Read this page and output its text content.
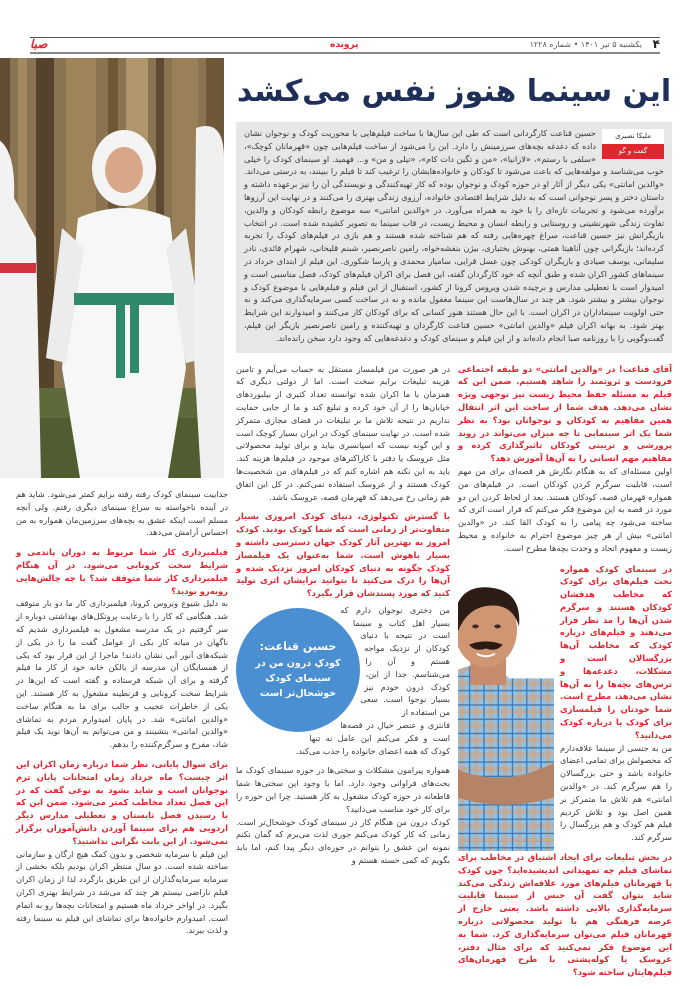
۴
یکشنبه ۵ تیر ۱۴۰۱ • شماره ۱۲۲۸
پرونده
صبا
این سینما هنوز نفس می‌کشد
ملیکا نصیری
گفت و گو
حسین قناعت کارگردانی است که طی این سال‌ها با ساخت فیلم‌هایی با محوریت کودک و نوجوان نشان داده که دغدغه بچه‌های سرزمینش را دارد. این را می‌شود از ساخت فیلم‌هایی چون «قهرمانان کوچک»، «سلفی با رستم»، «لازانیا»، «من و تگین دات کام»، «تیلی و من» و... فهمید. او سینمای کودک را خیلی خوب می‌شناسد و مولفه‌هایی که باعث می‌شود تا کودکان و خانواده‌هایشان را ترغیب کند تا فیلم را ببینند، به درستی می‌داند. «والدین امانتی» یکی دیگر از آثار او در حوزه کودک و نوجوان بوده که کار تهیه‌کنندگی و نویسندگی آن را نیز برعهده داشته و داستان دختر و پسر نوجوانی است که به دلیل شرایط اقتصادی خانواده، آرزوی زندگی بهتری را می‌کنند و در نهایت این آرزوها برآورده می‌شود و تجربیات تازه‌ای را با خود به همراه می‌آورد. در «والدین امانتی» سه موضوع رابطه کودکان و والدین، تفاوت زندگی شهرنشینی و روستایی و رابطه انسان و محیط زیست، در قاب سینما به تصویر کشیده شده است. در انتخاب بازیگرانش نیز حسین قناعت، سراغ چهره‌هایی رفته که هم شناخته شده هستند و هم بازی در فیلم‌های کودک را تجربه کرده‌اند؛ بازیگرانی چون آناهیتا همتی، بهنوش بختیاری، بیژن بنفشه‌خواه، رامین ناصرنصیر، شبنم قلیخانی، شهرام قائدی، نادر سلیمانی، یوسف صیادی و بازیگران کودکی چون عسل قرایی، سامیار محمدی و پارسا شکوری. این فیلم از ابتدای خرداد در سینماهای کشور اکران شده و طبق آنچه که خود کارگردان گفته، این فصل برای اکران فیلم‌های کودک، فصل مناسبی است و امیدوار است با تعطیلی مدارس و برچیده شدن ویروس کرونا از کشور، استقبال از این فیلم و فیلم‌هایی با موضوع کودک و نوجوان بیشتر و بیشتر شود. هر چند در سال‌هاست این سینما مغفول مانده و نه در ساخت کسی سرمایه‌گذاری می‌کند و نه حتی اولویت سینماداران در اکران است. با این حال هستند هنوز کسانی که برای کودکان کار می‌کنند و امیدوارند این شرایط بهتر شود. به بهانه اکران فیلم «والدین امانتی» حسین قناعت کارگردان و تهیه‌کننده و رامین ناصرنصیر بازیگر این فیلم، گفت‌وگویی را با روزنامه صبا انجام داده‌اند و از این فیلم و سینمای کودک و دغدغه‌هایی که وجود دارد سخن رانده‌اند.
آقای قناعت! در «والدین امانتی» دو طبقه اجتماعی فرودست و ثروتمند را شاهد هستیم. ضمن این که فیلم به مسئله حفظ محیط زیست نیز توجهی ویژه نشان می‌دهد. هدف شما از ساخت این اثر انتقال همین مفاهیم به کودکان و نوجوانان بود؟ به نظر شما یک اثر سینمایی تا چه میزان می‌تواند در روند پرورشی و تربیتی کودکان تاثیرگذاری کرده و مفاهیم مهم انسانی را به آن‌ها آموزش دهد؟
اولین مسئله‌ای که به هنگام نگارش هر قصه‌ای برای من مهم است، قابلیت سرگرم کردن کودکان است. در فیلم‌های من همواره قهرمان قصه، کودکان هستند. بعد از لحاظ کردن این دو مورد در قصه به این موضوع فکر می‌کنم که قرار است اثری که ساخته می‌شود چه پیامی را به کودک القا کند. در «والدین امانتی» بیش از هر چیز موضوع احترام به خانواده و محیط زیست و مفهوم اتحاد و وحدت بچه‌ها مطرح است.
در سینمای کودک همواره بحث فیلم‌های برای کودک که مخاطب هدفشان کودکان هستند و سرگرم شدن آن‌ها را مد نظر قرار می‌دهند و فیلم‌های درباره کودک که مخاطب آن‌ها بزرگسالان است و مشکلات، دغدغه‌ها و ترس‌های بچه‌ها را به آن‌ها نشان می‌دهد، مطرح است. شما خودتان را فیلمسازی برای کودک یا درباره کودک می‌دانید؟
من به جنسی از سینما علاقه‌دارم که محصولش برای تمامی اعضای خانواده باشد و حتی بزرگسالان را هم سرگرم کند. در «والدین امانتی» هم تلاش ما متمرکز بر همین اصل بود و تلاش کردیم فیلم هم کودک و هم بزرگسال را سرگرم کند.
در بخش تبلیغات برای ایجاد اشتیاق در مخاطب برای تماشای فیلم چه تمهیداتی اندیشیده‌اید؟ چون کودک با قهرمانان فیلم‌های مورد علاقه‌اش زندگی می‌کند شاید بتوان گفت آن جنس از سینما قابلیت سرمایه‌گذاری بالایی داشته باشد. یعنی خارج از عرصه فرهنگی هم با تولید محصولاتی درباره قهرمانان فیلم می‌توان سرمایه‌گذاری کرد. شما به این موضوع فکر نمی‌کنید که برای مثال دفتر، عروسک یا کوله‌پشتی با طرح قهرمان‌های فیلم‌هایتان ساخته شود؟
در هر صورت من فیلمساز مستقل به حساب می‌آیم و تامین هزینه تبلیغات برایم سخت است. اما از دولتی دیگری که همزمان با ما اکران شده توانسته تعداد کثیری از بیلبوردهای خیابان‌ها را از آن خود کرده و تبلیغ کند و ما از جایی حمایت نداریم در نتیجه تلاش ما بر تبلیغات در فضای مجازی متمرکز شده است. در نهایت سینمای کودک در ایران بسیار کوچک است و این گونه نیست که اسپانسری بیاید و برای تولید محصولاتی مثل عروسک یا دفتر با کاراکترهای موجود در فیلم‌ها هزینه کند. باید به این نکته هم اشاره کنم که در فیلم‌های من شخصیت‌ها کودک هستند و از عروسک استفاده نمی‌کنم. در کل این اتفاق هم زمانی رخ می‌دهد که قهرمان قصه، عروسک باشد.
با گسترش تکنولوژی، دنیای کودک امروزی بسیار متفاوت‌تر از زمانی است که شما کودک بودید. کودک امروز به بهترین آثار کودک جهان دسترسی داشته و بسیار باهوش است. شما به‌عنوان یک فیلمساز کودک چگونه به دنیای کودکان امروز نزدیک شده و آن‌ها را درک می‌کنید تا بتوانید برایشان اثری تولید کنید که مورد پسندشان قرار بگیرد؟
حسین قناعت:
کودکِ درون من در سینمای کودک خوشحال‌تر است
من دختری نوجوان دارم که بسیار اهل کتاب و سینما است در نتیجه با دنیای کودکان از نزدیک مواجه هستم و آن را می‌شناسم. جدا از این، کودک درون خودم نیز بسیار نوجوا است. سعی من استفاده از
فانتزی و عنصر خیال در قصه‌ها است و فکر می‌کنم این عامل نه تنها کودک که همه اعضای خانواده را جذب می‌کند.
همواره پیرامون مشکلات و سختی‌ها در حوزه سینمای کودک ما بحث‌های فراوانی وجود دارد. اما با وجود این سختی‌ها شما قاطعانه در حوزه کودک مشغول به کار هستید. چرا این حوزه را برای کار خود مناسب می‌دانید؟
کودک درون من هنگام کار در سینمای کودک خوشحال‌تر است. زمانی که کار کودک می‌کنم جوری لذت می‌برم که گمان نکنم نمونه این عشق را بتوانم در حوزه‌ای دیگر پیدا کنم، اما باید بگویم که کمی خسته هستم و
جذابیت سینمای کودک رفته رفته برایم کمتر می‌شود. شاید هم در آینده ناخواسته به سراغ سینمای دیگری رفتم. ولی آنچه مسلم است اینکه عشق به بچه‌های سرزمین‌مان همواره به من احساس آرامش می‌دهد.
فیلمبرداری کار شما مربوط به دوران پاندمی و شرایط سخت کرونایی می‌شود. در آن هنگام فیلمبرداری کار شما متوقف شد؟ با چه چالش‌هایی روبه‌رو بودید؟
به دلیل شیوع ویروس کرونا، فیلمبرداری کار ما دو بار متوقف شد. هنگامی که کار را با رعایت پروتکل‌های بهداشتی دوباره از سر گرفتیم در یک مدرسه مشغول به فیلمبرداری شدیم که ناگهان در میانه کار یکی از عوامل گفت ما را در یکی از شبکه‌های آنور آبی نشان دادند! ماجرا از این قرار بود که یکی از همسایگان آن مدرسه از بالکن خانه خود از کار ما فیلم گرفته و برای آن شبکه فرستاده و گفته است که این‌ها در شرایط سخت کرونایی و قرنطینه مشغول به کار هستند. این یکی از خاطرات عجیب و جالب برای ما به هنگام ساخت «والدین امانتی» شد. در پایان امیدوارم مردم به تماشای «والدین امانتی» بنشینند و من می‌توانم به آن‌ها نوید یک فیلم شاد، مفرح و سرگرم‌کننده را بدهم.
برای سوال پایانی، نظر شما درباره زمان اکران این اثر چیست؟ ماه خرداد زمان امتحانات پایان ترم نوجوانان است و شاید بشود به نوعی گفت که در این فصل تعداد مخاطب کمتر می‌شود. ضمن این که با رسیدن فصل تابستان و تعطیلی مدارس دیگر اردویی هم برای سینما آوردن دانش‌آموزان برگزار نمی‌شود. از این بابت نگرانی نداشتید؟
این فیلم با سرمایه شخصی و بدون کمک هیچ ارگان و سازمانی ساخته شده است. دو سال منتظر اکران بودیم بلکه بخشی از سرمایه سرمایه‌گذاران از این طریق بازگردد لذا از زمان اکران فیلم ناراضی نیستم هر چند که می‌شد در شرایط بهتری اکران بگیرد. در اواخر خرداد ماه هستیم و امتحانات بچه‌ها رو به اتمام است. امیدوارم خانواده‌ها برای تماشای این فیلم به سینما رفته و لذت ببرند.
